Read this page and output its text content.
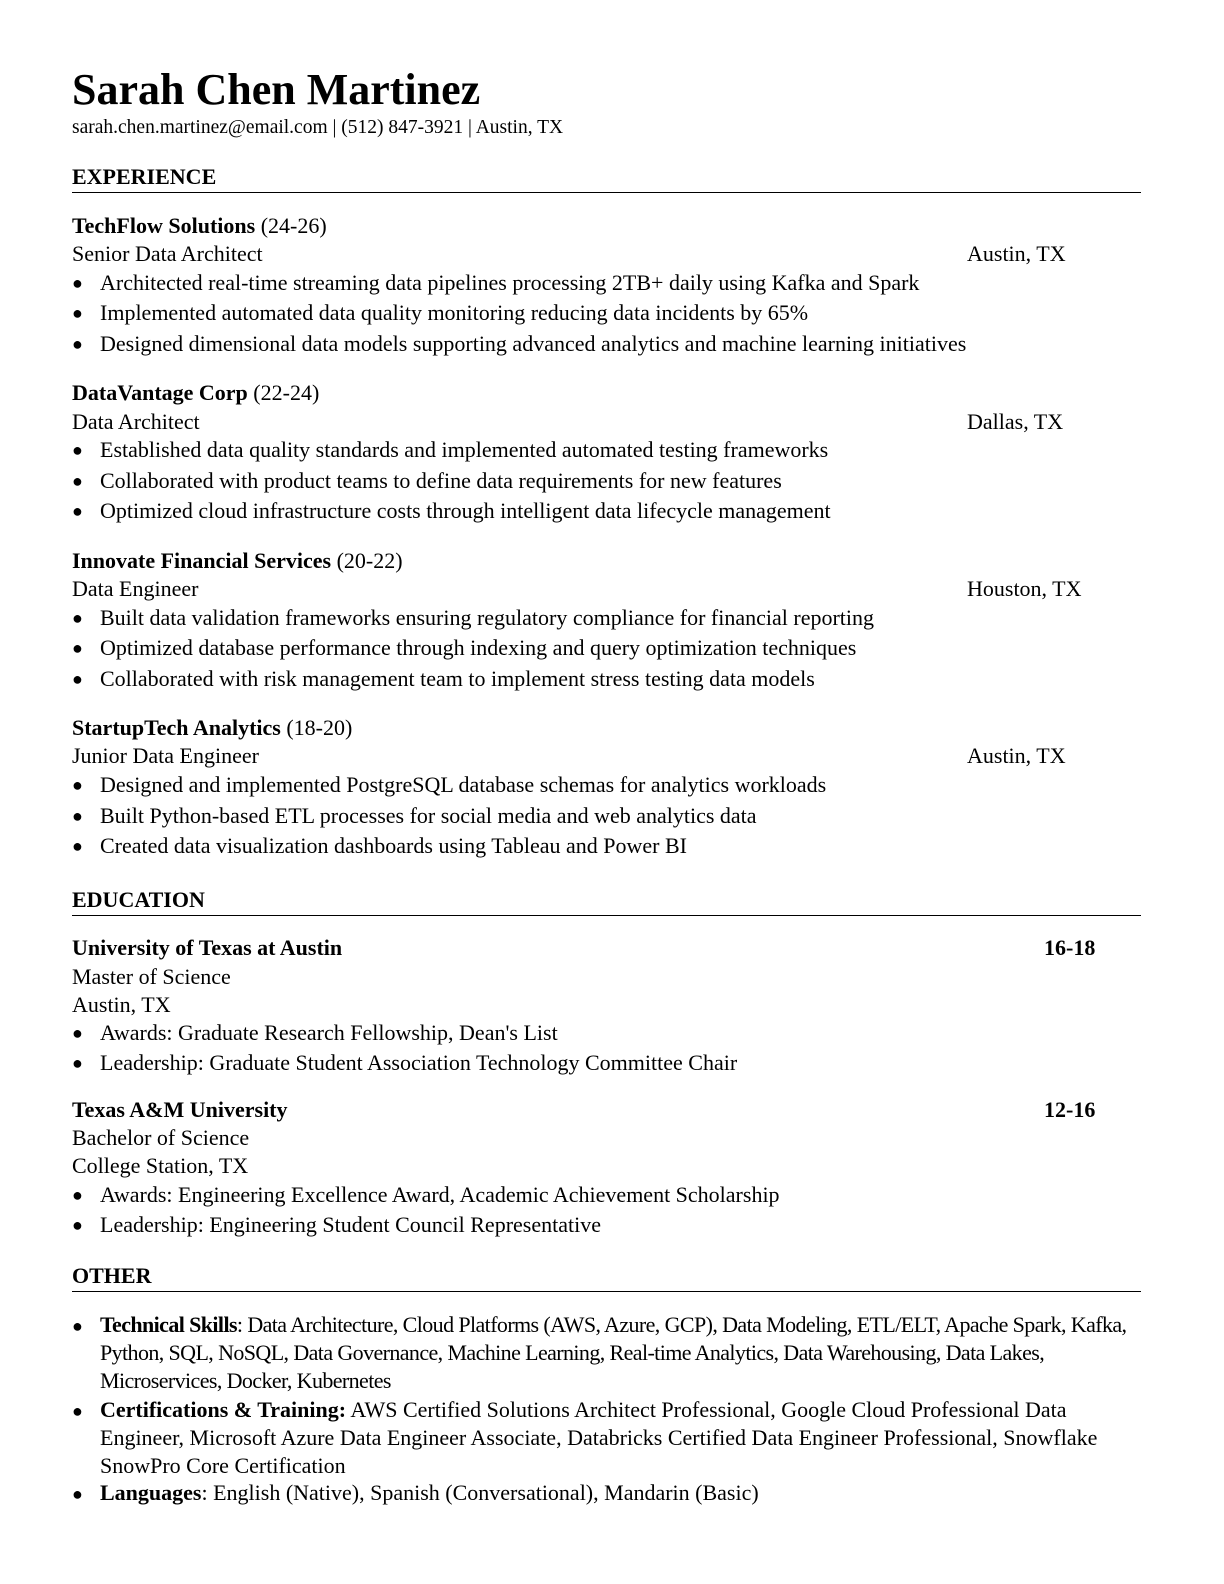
Sarah Chen Martinez
sarah.chen.martinez@email.com | (512) 847-3921 | Austin, TX
EXPERIENCE
TechFlow Solutions (24-26)
Senior Data Architect	Austin, TX
● Architected real-time streaming data pipelines processing 2TB+ daily using Kafka and Spark
● Implemented automated data quality monitoring reducing data incidents by 65%
● Designed dimensional data models supporting advanced analytics and machine learning initiatives
DataVantage Corp (22-24)
Data Architect	Dallas, TX
● Established data quality standards and implemented automated testing frameworks
● Collaborated with product teams to define data requirements for new features
● Optimized cloud infrastructure costs through intelligent data lifecycle management
Innovate Financial Services (20-22)
Data Engineer	Houston, TX
● Built data validation frameworks ensuring regulatory compliance for financial reporting
● Optimized database performance through indexing and query optimization techniques
● Collaborated with risk management team to implement stress testing data models
StartupTech Analytics (18-20)
Junior Data Engineer	Austin, TX
● Designed and implemented PostgreSQL database schemas for analytics workloads
● Built Python-based ETL processes for social media and web analytics data
● Created data visualization dashboards using Tableau and Power BI
EDUCATION
University of Texas at Austin	16-18
Master of Science
Austin, TX
● Awards: Graduate Research Fellowship, Dean's List
● Leadership: Graduate Student Association Technology Committee Chair
Texas A&M University	12-16
Bachelor of Science
College Station, TX
● Awards: Engineering Excellence Award, Academic Achievement Scholarship
● Leadership: Engineering Student Council Representative
OTHER
● Technical Skills: Data Architecture, Cloud Platforms (AWS, Azure, GCP), Data Modeling, ETL/ELT, Apache Spark, Kafka, Python, SQL, NoSQL, Data Governance, Machine Learning, Real-time Analytics, Data Warehousing, Data Lakes, Microservices, Docker, Kubernetes
● Certifications & Training: AWS Certified Solutions Architect Professional, Google Cloud Professional Data Engineer, Microsoft Azure Data Engineer Associate, Databricks Certified Data Engineer Professional, Snowflake SnowPro Core Certification
● Languages: English (Native), Spanish (Conversational), Mandarin (Basic)
